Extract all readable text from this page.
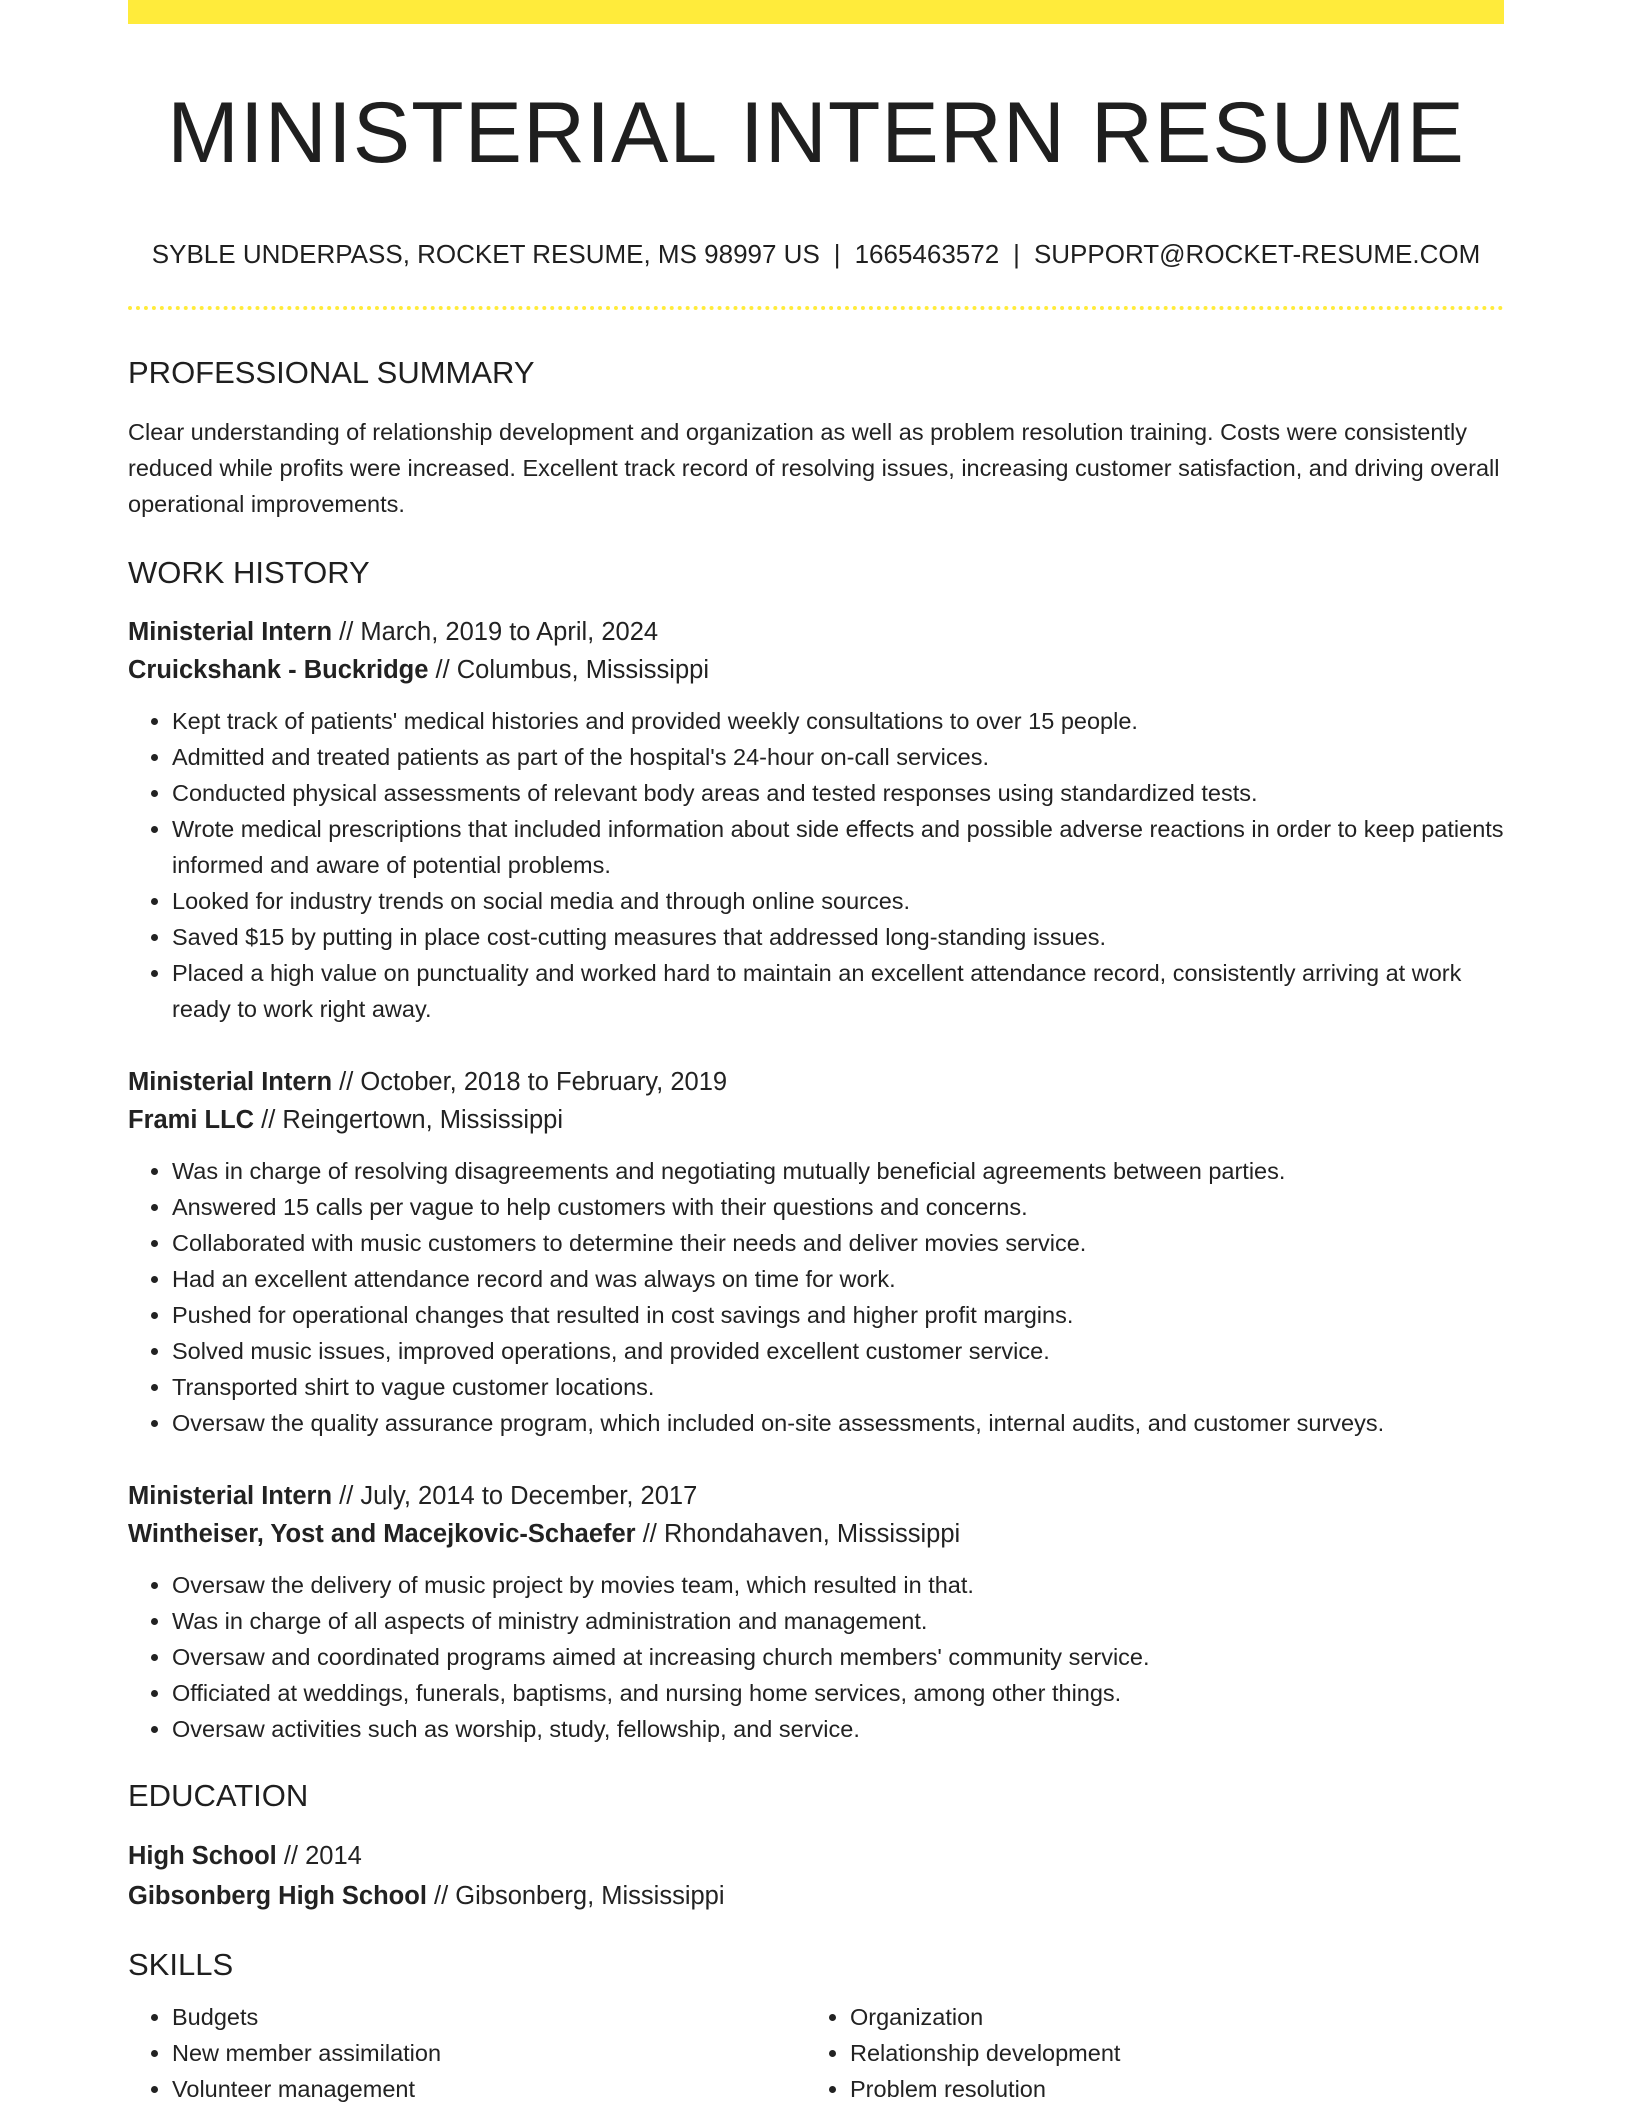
MINISTERIAL INTERN RESUME
SYBLE UNDERPASS, ROCKET RESUME, MS 98997 US | 1665463572 | SUPPORT@ROCKET-RESUME.COM
PROFESSIONAL SUMMARY

Clear understanding of relationship development and organization as well as problem resolution training. Costs were consistently reduced while profits were increased. Excellent track record of resolving issues, increasing customer satisfaction, and driving overall operational improvements.

WORK HISTORY
Ministerial Intern // March, 2019 to April, 2024
Cruickshank - Buckridge // Columbus, Mississippi
• Kept track of patients' medical histories and provided weekly consultations to over 15 people.
• Admitted and treated patients as part of the hospital's 24-hour on-call services.
• Conducted physical assessments of relevant body areas and tested responses using standardized tests.
• Wrote medical prescriptions that included information about side effects and possible adverse reactions in order to keep patients informed and aware of potential problems.
• Looked for industry trends on social media and through online sources.
• Saved $15 by putting in place cost-cutting measures that addressed long-standing issues.
• Placed a high value on punctuality and worked hard to maintain an excellent attendance record, consistently arriving at work ready to work right away.
Ministerial Intern // October, 2018 to February, 2019
Frami LLC // Reingertown, Mississippi
• Was in charge of resolving disagreements and negotiating mutually beneficial agreements between parties.
• Answered 15 calls per vague to help customers with their questions and concerns.
• Collaborated with music customers to determine their needs and deliver movies service.
• Had an excellent attendance record and was always on time for work.
• Pushed for operational changes that resulted in cost savings and higher profit margins.
• Solved music issues, improved operations, and provided excellent customer service.
• Transported shirt to vague customer locations.
• Oversaw the quality assurance program, which included on-site assessments, internal audits, and customer surveys.
Ministerial Intern // July, 2014 to December, 2017
Wintheiser, Yost and Macejkovic-Schaefer // Rhondahaven, Mississippi
• Oversaw the delivery of music project by movies team, which resulted in that.
• Was in charge of all aspects of ministry administration and management.
• Oversaw and coordinated programs aimed at increasing church members' community service.
• Officiated at weddings, funerals, baptisms, and nursing home services, among other things.
• Oversaw activities such as worship, study, fellowship, and service.
EDUCATION
High School // 2014
Gibsonberg High School // Gibsonberg, Mississippi
SKILLS
• Budgets
• New member assimilation
• Volunteer management
• Organization
• Relationship development
• Problem resolution
